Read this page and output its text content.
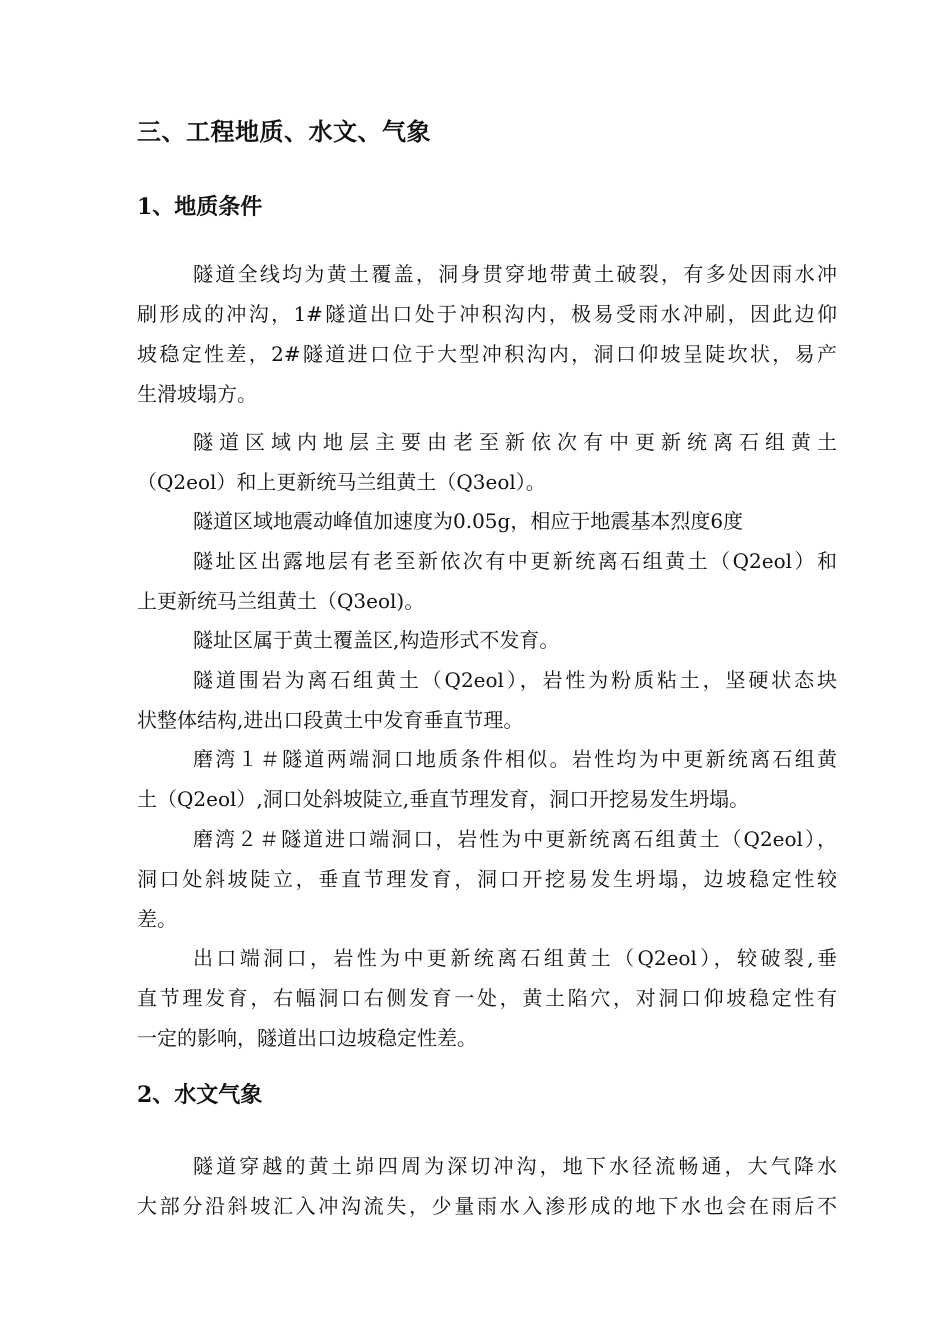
三、工程地质、水文、气象
1、地质条件
隧道全线均为黄土覆盖，洞身贯穿地带黄土破裂，有多处因雨水冲
刷形成的冲沟，1#隧道出口处于冲积沟内，极易受雨水冲刷，因此边仰
坡稳定性差，2#隧道进口位于大型冲积沟内，洞口仰坡呈陡坎状，易产
生滑坡塌方。
隧道区域内地层主要由老至新依次有中更新统离石组黄土
（Q2eol）和上更新统马兰组黄土（Q3eol）。
隧道区域地震动峰值加速度为0.05g，相应于地震基本烈度6度
隧址区出露地层有老至新依次有中更新统离石组黄土（Q2eol）和
上更新统马兰组黄土（Q3eol)。
隧址区属于黄土覆盖区,构造形式不发育。
隧道围岩为离石组黄土（Q2eol），岩性为粉质粘土，坚硬状态块
状整体结构,进出口段黄土中发育垂直节理。
磨湾１＃隧道两端洞口地质条件相似。岩性均为中更新统离石组黄
土（Q2eol）,洞口处斜坡陡立,垂直节理发育，洞口开挖易发生坍塌。
磨湾２＃隧道进口端洞口，岩性为中更新统离石组黄土（Q2eol），
洞口处斜坡陡立，垂直节理发育，洞口开挖易发生坍塌，边坡稳定性较
差。
出口端洞口，岩性为中更新统离石组黄土（Q2eol），较破裂,垂
直节理发育，右幅洞口右侧发育一处，黄土陷穴，对洞口仰坡稳定性有
一定的影响，隧道出口边坡稳定性差。
2、水文气象
隧道穿越的黄土峁四周为深切冲沟，地下水径流畅通，大气降水
大部分沿斜坡汇入冲沟流失，少量雨水入渗形成的地下水也会在雨后不
